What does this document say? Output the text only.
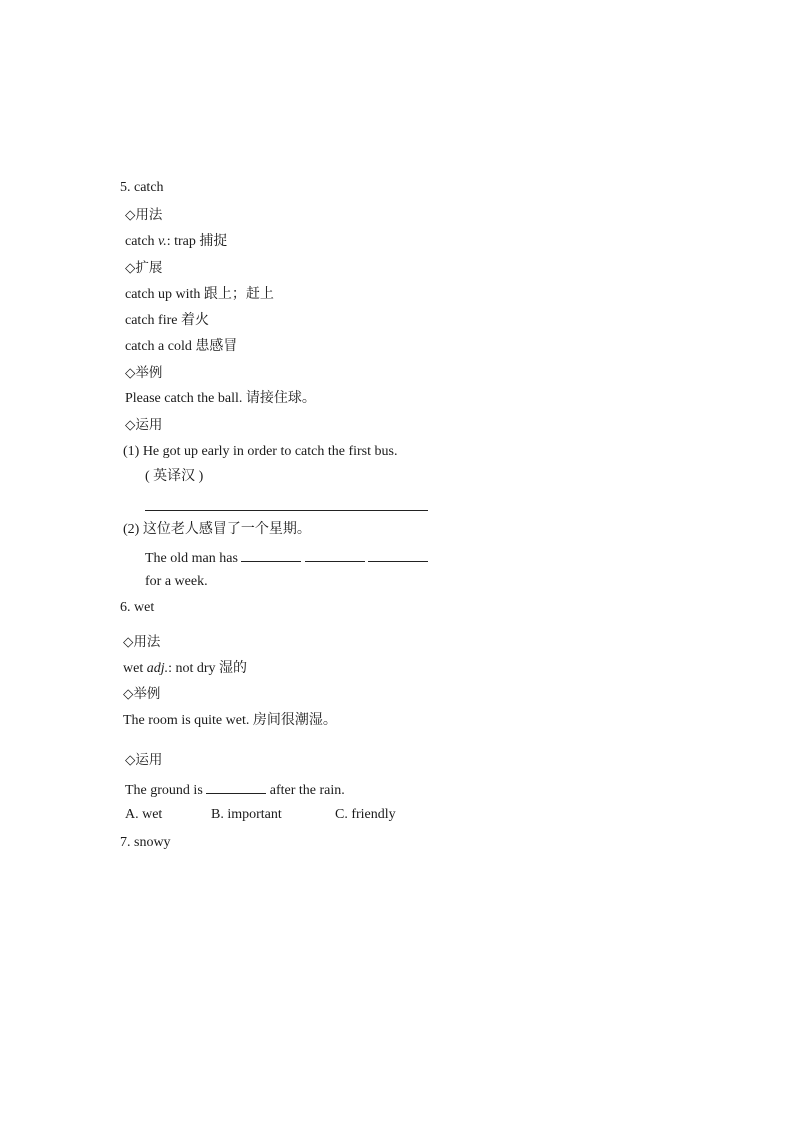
5. catch
◇用法
catch v.: trap 捕捉
◇扩展
catch up with 跟上；赶上
catch fire 着火
catch a cold 患感冒
◇举例
Please catch the ball. 请接住球。
◇运用
(1) He got up early in order to catch the first bus.
( 英译汉 )
(2) 这位老人感冒了一个星期。
The old man has
for a week.
6. wet
◇用法
wet adj.: not dry 湿的
◇举例
The room is quite wet. 房间很潮湿。
◇运用
The ground is	after the rain.
A. wet	B. important	C. friendly
7. snowy
